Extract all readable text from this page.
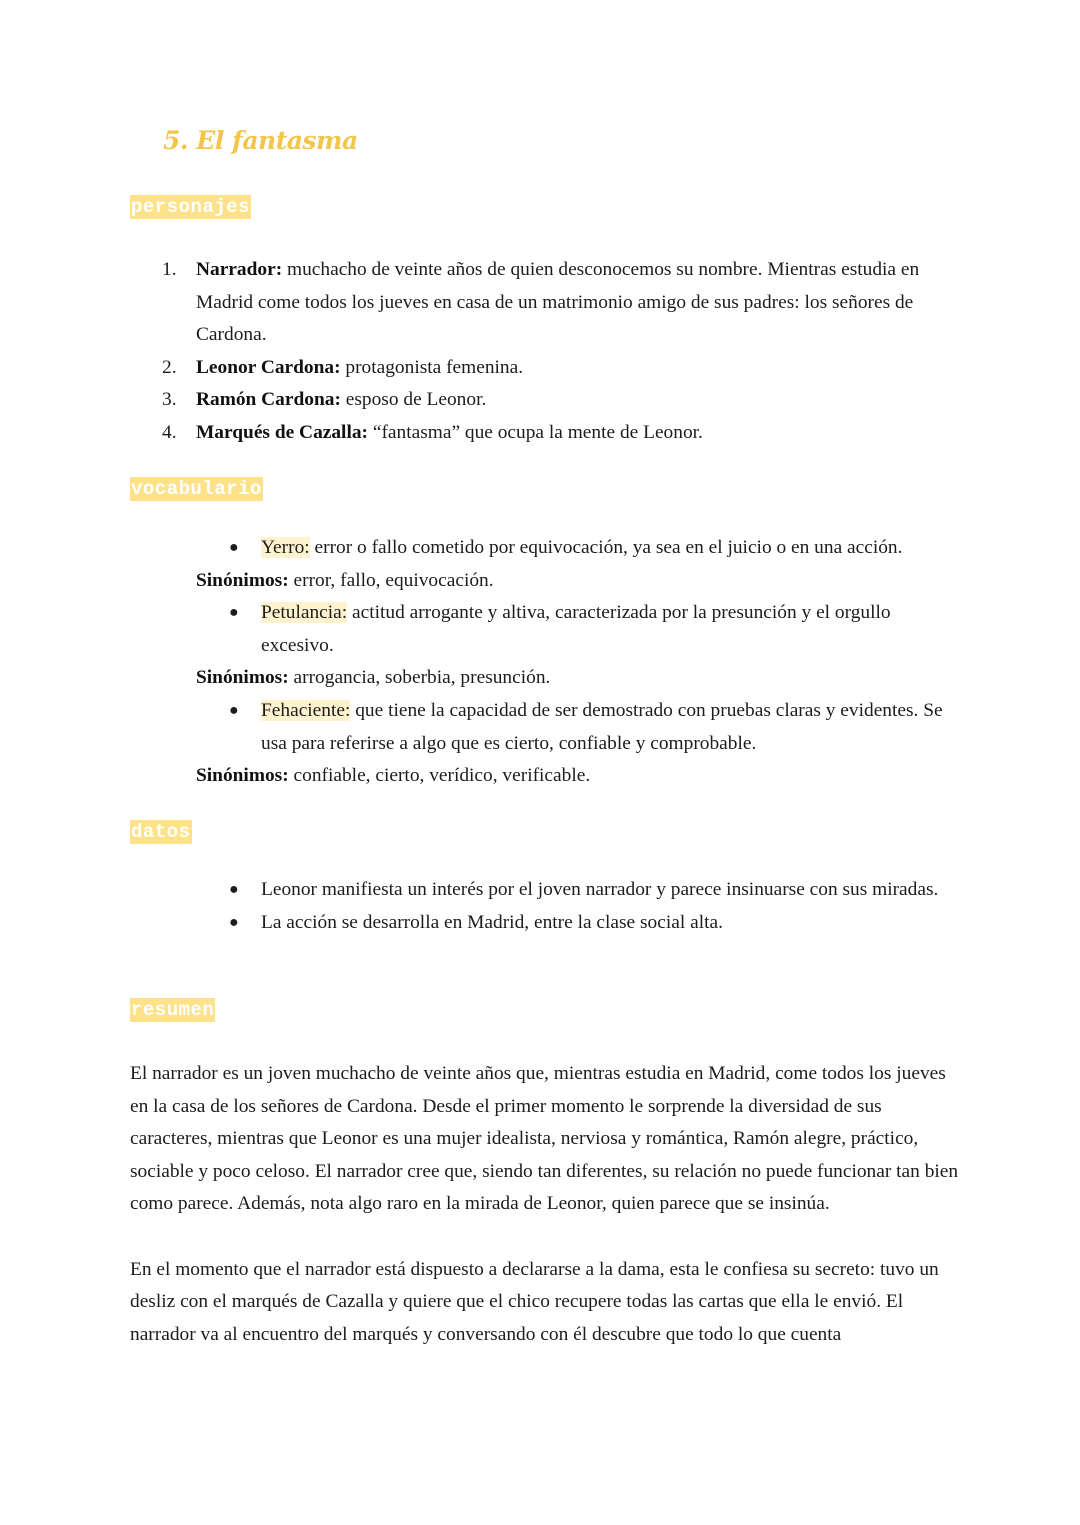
5. El fantasma
personajes
1. Narrador: muchacho de veinte años de quien desconocemos su nombre. Mientras estudia en Madrid come todos los jueves en casa de un matrimonio amigo de sus padres: los señores de Cardona.
2. Leonor Cardona: protagonista femenina.
3. Ramón Cardona: esposo de Leonor.
4. Marqués de Cazalla: “fantasma” que ocupa la mente de Leonor.
vocabulario
● Yerro: error o fallo cometido por equivocación, ya sea en el juicio o en una acción.
Sinónimos: error, fallo, equivocación.
● Petulancia: actitud arrogante y altiva, caracterizada por la presunción y el orgullo excesivo.
Sinónimos: arrogancia, soberbia, presunción.
● Fehaciente: que tiene la capacidad de ser demostrado con pruebas claras y evidentes. Se usa para referirse a algo que es cierto, confiable y comprobable.
Sinónimos: confiable, cierto, verídico, verificable.
datos
● Leonor manifiesta un interés por el joven narrador y parece insinuarse con sus miradas.
● La acción se desarrolla en Madrid, entre la clase social alta.
resumen

El narrador es un joven muchacho de veinte años que, mientras estudia en Madrid, come todos los jueves en la casa de los señores de Cardona. Desde el primer momento le sorprende la diversidad de sus caracteres, mientras que Leonor es una mujer idealista, nerviosa y romántica, Ramón alegre, práctico, sociable y poco celoso. El narrador cree que, siendo tan diferentes, su relación no puede funcionar tan bien como parece. Además, nota algo raro en la mirada de Leonor, quien parece que se insinúa.

En el momento que el narrador está dispuesto a declararse a la dama, esta le confiesa su secreto: tuvo un desliz con el marqués de Cazalla y quiere que el chico recupere todas las cartas que ella le envió. El narrador va al encuentro del marqués y conversando con él descubre que todo lo que cuenta
